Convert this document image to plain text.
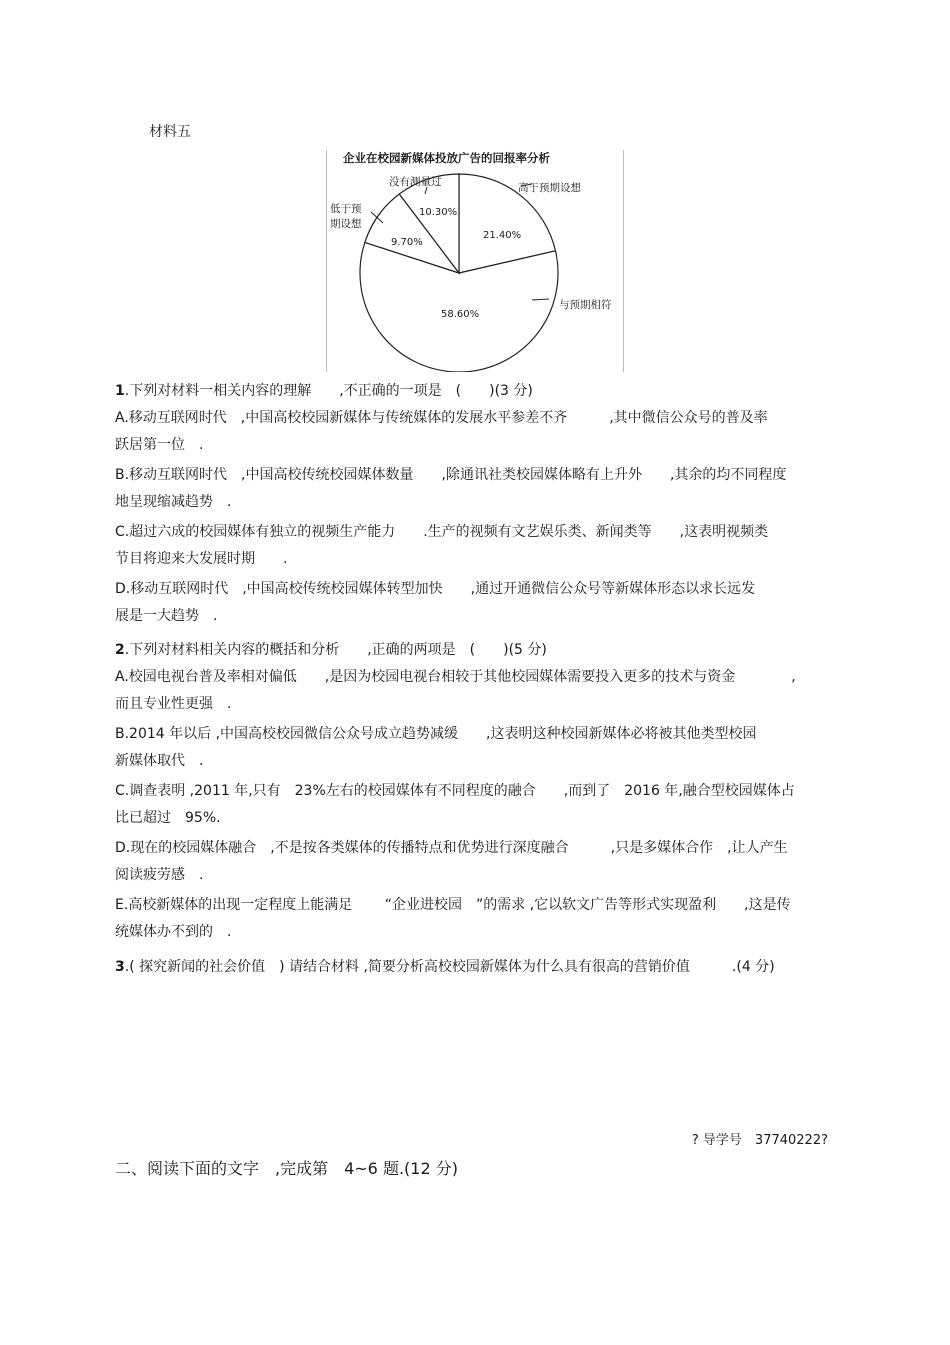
材料五
企业在校园新媒体投放广告的回报率分析
没有测量过
低于预
期设想
高于预期设想
与预期相符
10.30%
9.70%
21.40%
58.60%
1.下列对材料一相关内容的理解　　,不正确的一项是　(　　)(3 分)
A.移动互联网时代　,中国高校校园新媒体与传统媒体的发展水平参差不齐　　　,其中微信公众号的普及率
跃居第一位　.
B.移动互联网时代　,中国高校传统校园媒体数量　　,除通讯社类校园媒体略有上升外　　,其余的均不同程度
地呈现缩减趋势　.
C.超过六成的校园媒体有独立的视频生产能力　　.生产的视频有文艺娱乐类、新闻类等　　,这表明视频类
节目将迎来大发展时期　　.
D.移动互联网时代　,中国高校传统校园媒体转型加快　　,通过开通微信公众号等新媒体形态以求长远发
展是一大趋势　.
2.下列对材料相关内容的概括和分析　　,正确的两项是　(　　)(5 分)
A.校园电视台普及率相对偏低　　,是因为校园电视台相较于其他校园媒体需要投入更多的技术与资金　　　　,
而且专业性更强　.
B.2014 年以后 ,中国高校校园微信公众号成立趋势减缓　　,这表明这种校园新媒体必将被其他类型校园
新媒体取代　.
C.调查表明 ,2011 年,只有　23%左右的校园媒体有不同程度的融合　　,而到了　2016 年,融合型校园媒体占
比已超过　95%.
D.现在的校园媒体融合　,不是按各类媒体的传播特点和优势进行深度融合　　　,只是多媒体合作　,让人产生
阅读疲劳感　.
E.高校新媒体的出现一定程度上能满足　　 “企业进校园　”的需求 ,它以软文广告等形式实现盈利　　,这是传
统媒体办不到的　.
3.( 探究新闻的社会价值　) 请结合材料 ,简要分析高校校园新媒体为什么具有很高的营销价值　　　.(4 分)
? 导学号　37740222?
二、阅读下面的文字　,完成第　4~6 题.(12 分)
